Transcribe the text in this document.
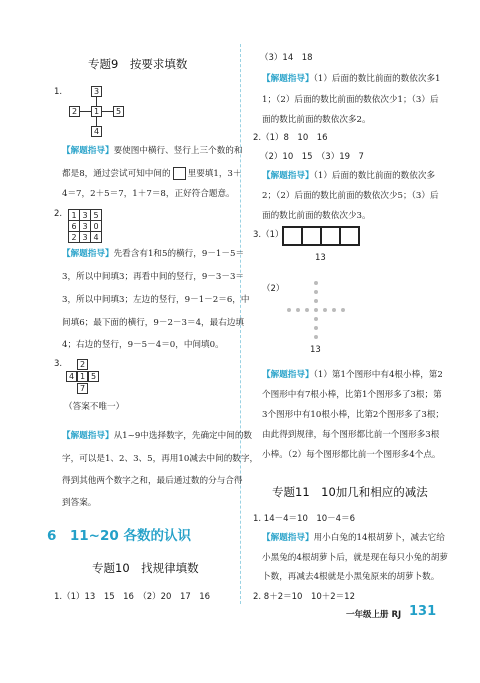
专题9　按要求填数
1.	3
2	1	5
4
【解题指导】要使图中横行、竖行上三个数的和
都是8，通过尝试可知中间的 里要填1，3＋
4＝7，2＋5＝7，1＋7＝8，正好符合题意。
2. 1	3	5
6	3	0
2	3	4
【解题指导】先看含有1和5的横行，9－1－5＝
3，所以中间填3；再看中间的竖行，9－3－3＝
3，所以中间填3；左边的竖行，9－1－2＝6，中
间填6；最下面的横行，9－2－3＝4，最右边填
4；右边的竖行，9－5－4＝0，中间填0。
3.	2
4 1 5
7
（答案不唯一）
【解题指导】从1~9中选择数字，先确定中间的数
字，可以是1、2、3、5，再用10减去中间的数字，
得到其他两个数字之和，最后通过数的分与合得
到答案。
6　11~20 各数的认识
专题10　找规律填数
1.（1）13　15　16　（2）20　17　16
（3）14　18
【解题指导】（1）后面的数比前面的数依次多1
1；（2）后面的数比前面的数依次少1；（3）后
面的数比前面的数依次多2。
2.（1）8　10　16
（2）10　15　（3）19　7
【解题指导】（1）后面的数比前面的数依次多
2；（2）后面的数比前面的数依次少5；（3）后
面的数比前面的数依次少3。
3.（1）
13
（2）
13
【解题指导】（1）第1个图形中有4根小棒，第2
个图形中有7根小棒，比第1个图形多了3根；第
3个图形中有10根小棒，比第2个图形多了3根；
由此得到规律，每个图形都比前一个图形多3根
小棒。（2）每个图形都比前一个图形多4个点。
专题11　10加几和相应的减法
1. 14－4＝10　10－4＝6
【解题指导】用小白兔的14根胡萝卜，减去它给
小黑兔的4根胡萝卜后，就是现在每只小兔的胡萝
卜数，再减去4根就是小黑兔原来的胡萝卜数。
2. 8＋2＝10　10＋2＝12
一年级上册 RJ 131
